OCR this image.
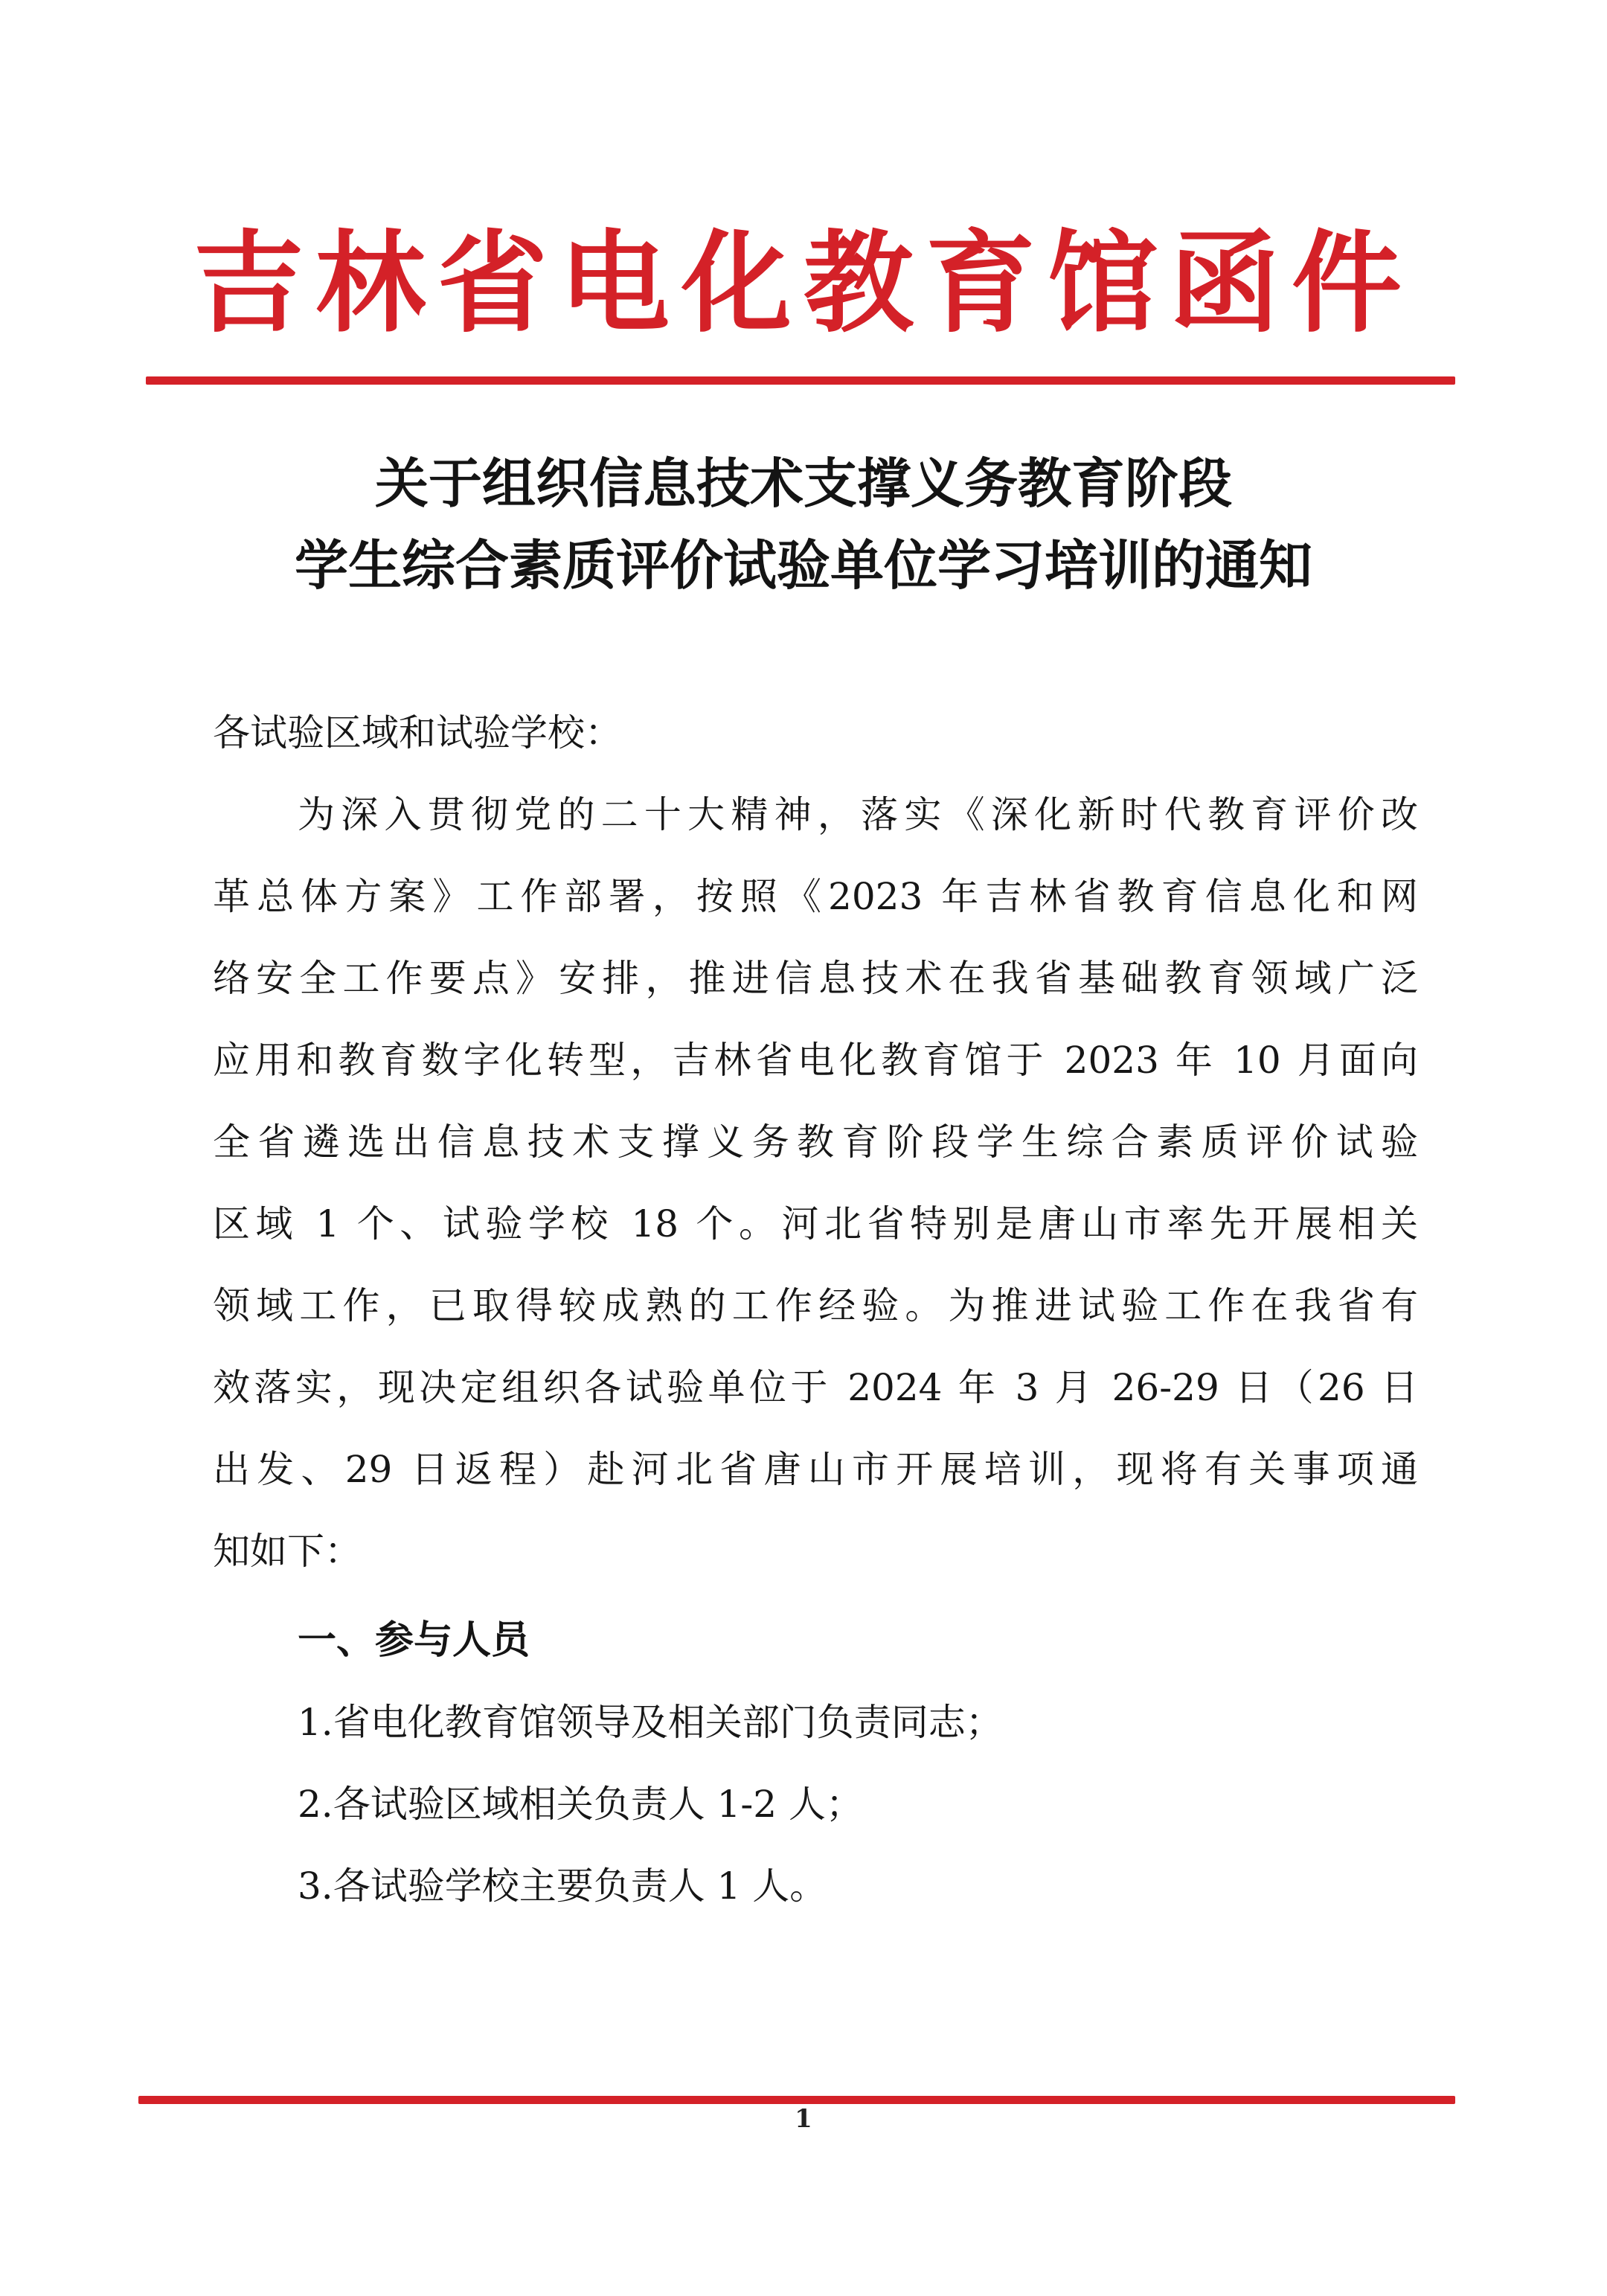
吉林省电化教育馆函件
关于组织信息技术支撑义务教育阶段
学生综合素质评价试验单位学习培训的通知
各试验区域和试验学校：
为深入贯彻党的二十大精神，落实《深化新时代教育评价改
革总体方案》工作部署，按照《2023 年吉林省教育信息化和网
络安全工作要点》安排，推进信息技术在我省基础教育领域广泛
应用和教育数字化转型，吉林省电化教育馆于 2023 年 10 月面向
全省遴选出信息技术支撑义务教育阶段学生综合素质评价试验
区域 1 个、试验学校 18 个。河北省特别是唐山市率先开展相关
领域工作，已取得较成熟的工作经验。为推进试验工作在我省有
效落实，现决定组织各试验单位于 2024 年 3 月 26-29 日（26 日
出发、29 日返程）赴河北省唐山市开展培训，现将有关事项通
知如下：
一、参与人员
1.省电化教育馆领导及相关部门负责同志；
2.各试验区域相关负责人 1-2 人；
3.各试验学校主要负责人 1 人。
1
